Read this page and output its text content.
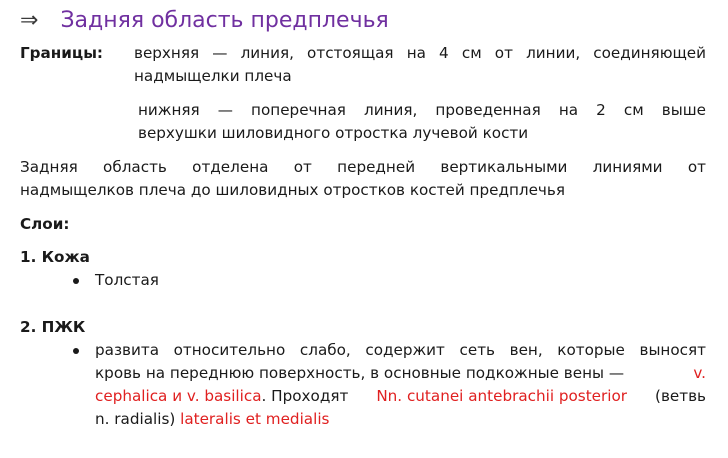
⇒ Задняя область предплечья
Границы: верхняя — линия, отстоящая на 4 см от линии, соединяющей
надмыщелки плеча
нижняя — поперечная линия, проведенная на 2 см выше
верхушки шиловидного отростка лучевой кости
Задняя область отделена от передней вертикальными линиями от
надмыщелков плеча до шиловидных отростков костей предплечья
Слои:
1. Кожа
Толстая
2. ПЖК
развита относительно слабо, содержит сеть вен, которые выносят
кровь на переднюю поверхность, в основные подкожные вены —	v.
cephalica и v. basilica. Проходят Nn. cutanei antebrachii posterior (ветвь
n. radialis) lateralis et medialis
